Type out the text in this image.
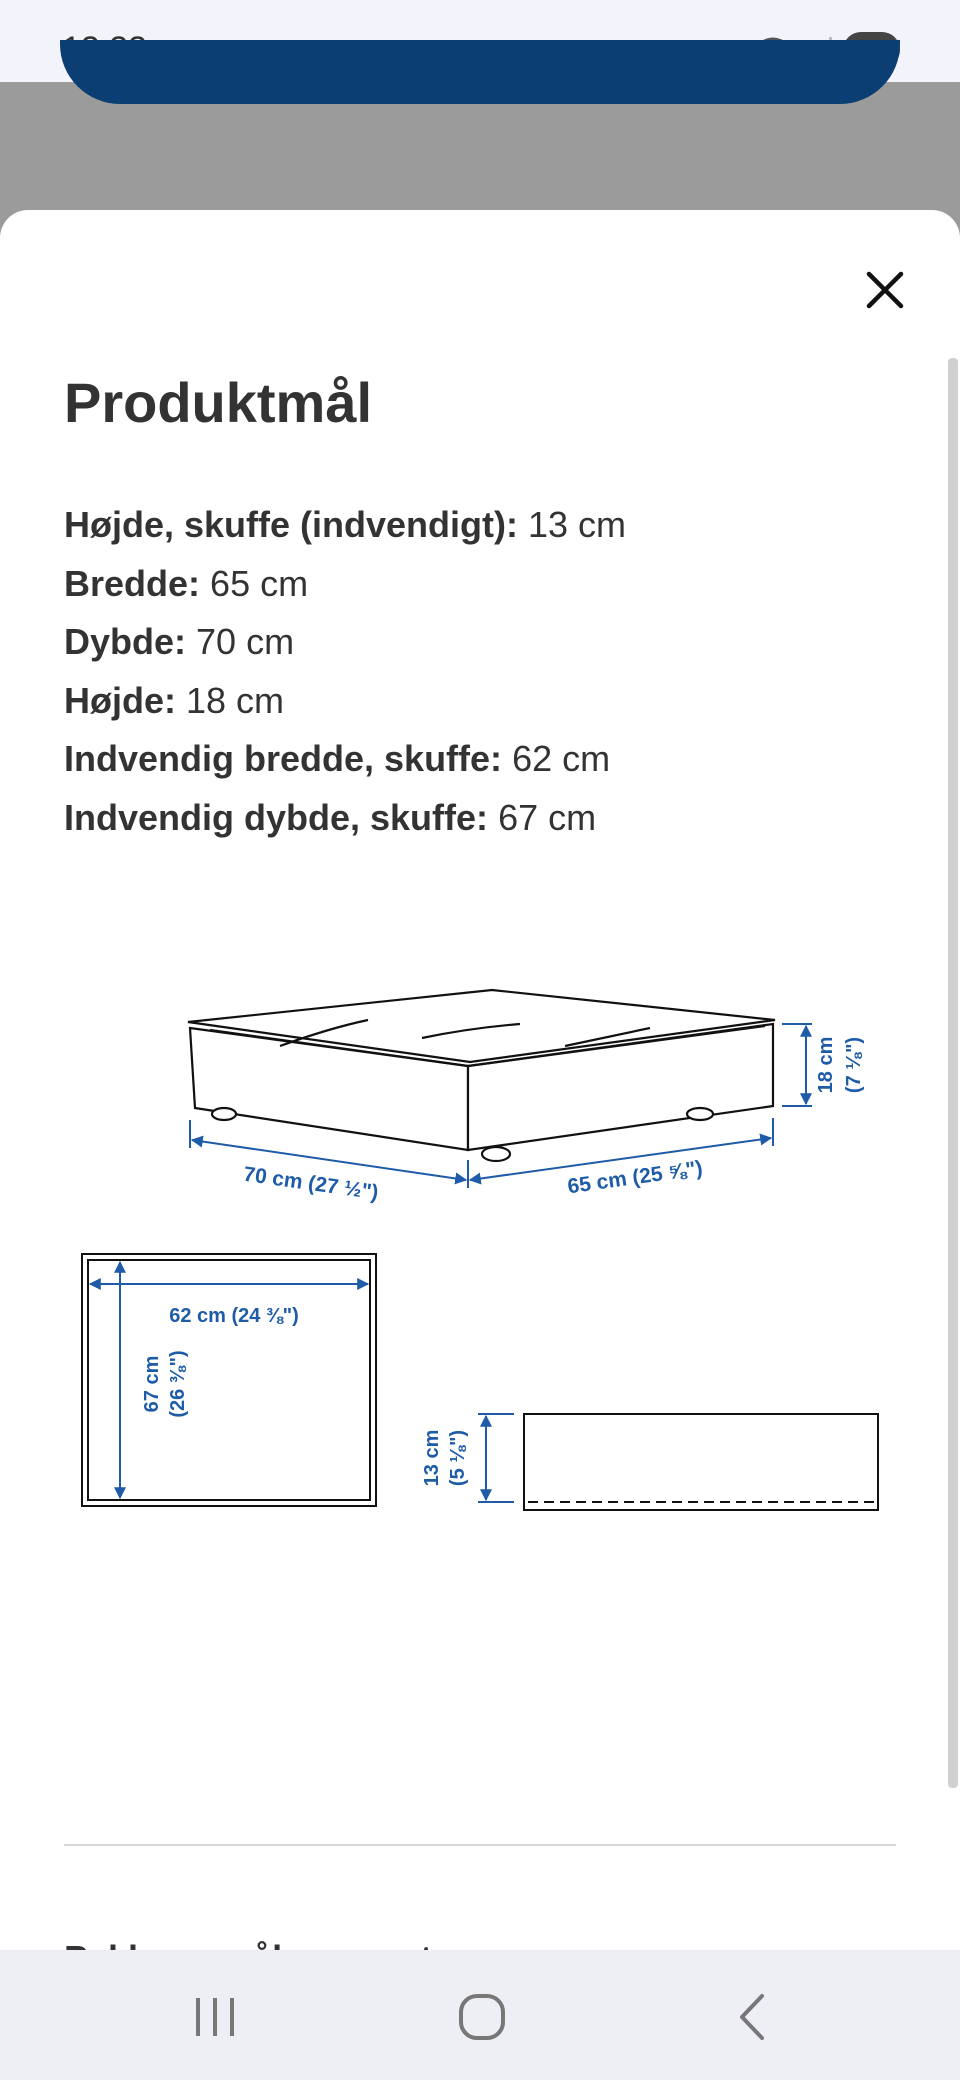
Produktmål
Højde, skuffe (indvendigt): 13 cm
Bredde: 65 cm
Dybde: 70 cm
Højde: 18 cm
Indvendig bredde, skuffe: 62 cm
Indvendig dybde, skuffe: 67 cm
70 cm (27 ½")	65 cm (25 ⅝")
18 cm (7 ⅛")
62 cm (24 ⅜")
67 cm (26 ⅜")
13 cm (5 ⅛")
